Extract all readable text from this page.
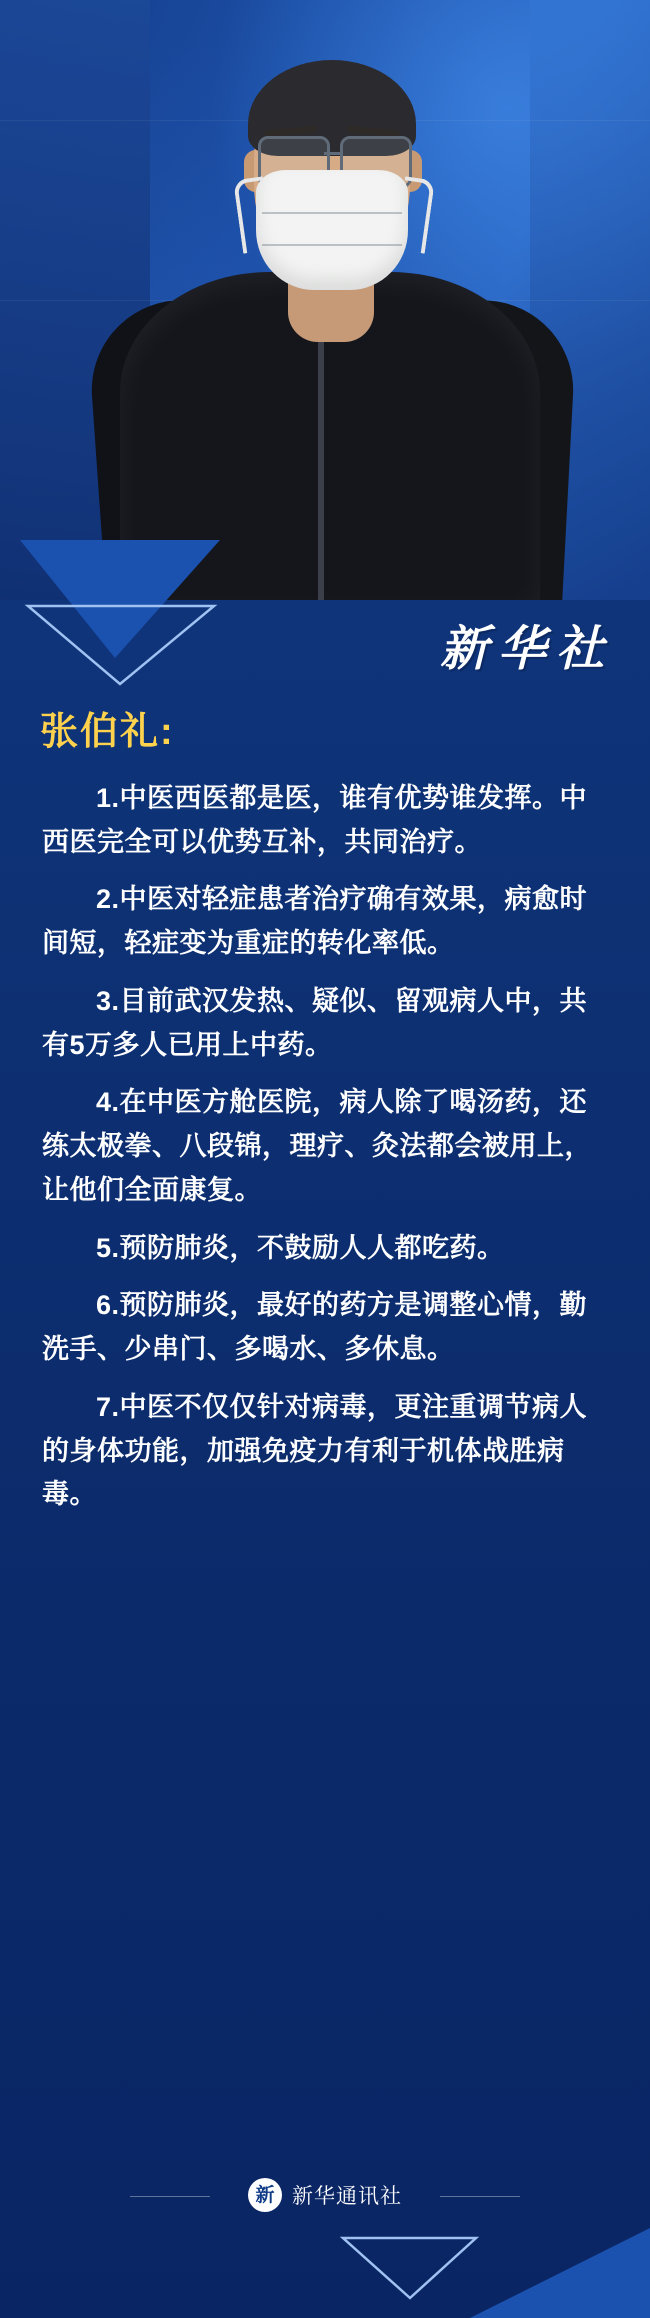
新华社
张伯礼:
1.中医西医都是医，谁有优势谁发挥。中西医完全可以优势互补，共同治疗。
2.中医对轻症患者治疗确有效果，病愈时间短，轻症变为重症的转化率低。
3.目前武汉发热、疑似、留观病人中，共有5万多人已用上中药。
4.在中医方舱医院，病人除了喝汤药，还练太极拳、八段锦，理疗、灸法都会被用上，让他们全面康复。
5.预防肺炎，不鼓励人人都吃药。
6.预防肺炎，最好的药方是调整心情，勤洗手、少串门、多喝水、多休息。
7.中医不仅仅针对病毒，更注重调节病人的身体功能，加强免疫力有利于机体战胜病毒。
新 新华通讯社
